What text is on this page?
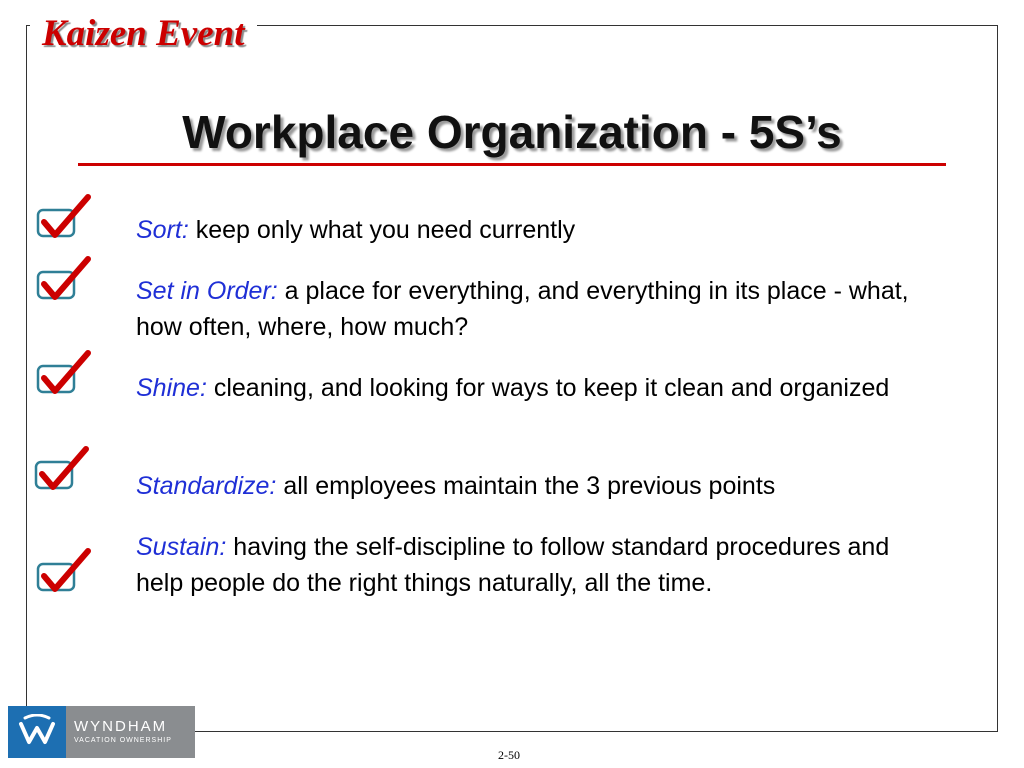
Kaizen Event
Workplace Organization - 5S’s
Sort: keep only what you need currently
Set in Order: a place for everything, and everything in its place - what, how often, where, how much?
Shine: cleaning, and looking for ways to keep it clean and organized
Standardize: all employees maintain the 3 previous points
Sustain: having the self-discipline to follow standard procedures and help people do the right things naturally, all the time.
WYNDHAM
VACATION OWNERSHIP
2-50
